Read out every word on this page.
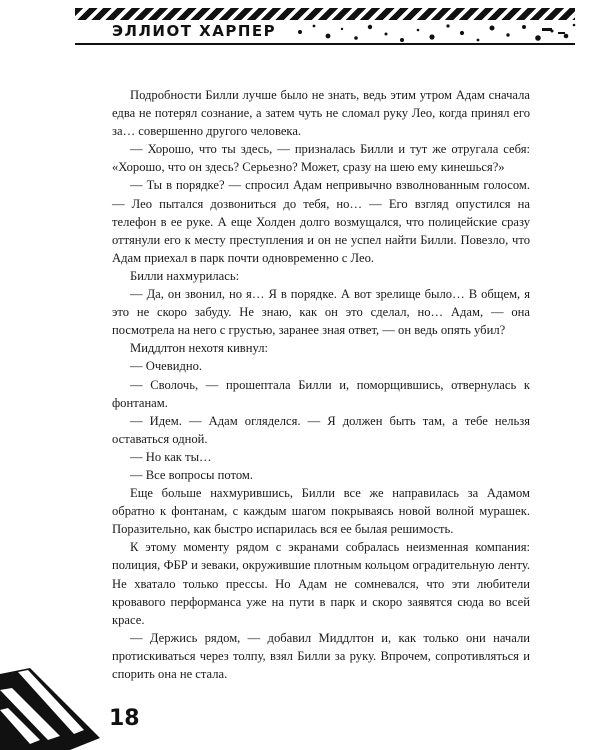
ЭЛЛИОТ ХАРПЕР

Подробности Билли лучше было не знать, ведь этим утром Адам сначала едва не потерял сознание, а затем чуть не сломал руку Лео, когда принял его за… совершенно другого человека.

— Хорошо, что ты здесь, — призналась Билли и тут же отругала себя: «Хорошо, что он здесь? Серьезно? Может, сразу на шею ему кинешься?»

— Ты в порядке? — спросил Адам непривычно взволнованным голосом. — Лео пытался дозвониться до тебя, но… — Его взгляд опустился на телефон в ее руке. А еще Холден долго возмущался, что полицейские сразу оттянули его к месту преступления и он не успел найти Билли. Повезло, что Адам приехал в парк почти одновременно с Лео.

Билли нахмурилась:

— Да, он звонил, но я… Я в порядке. А вот зрелище было… В общем, я это не скоро забуду. Не знаю, как он это сделал, но… Адам, — она посмотрела на него с грустью, заранее зная ответ, — он ведь опять убил?

Миддлтон нехотя кивнул:

— Очевидно.

— Сволочь, — прошептала Билли и, поморщившись, отвернулась к фонтанам.

— Идем. — Адам огляделся. — Я должен быть там, а тебе нельзя оставаться одной.

— Но как ты…

— Все вопросы потом.

Еще больше нахмурившись, Билли все же направилась за Адамом обратно к фонтанам, с каждым шагом покрываясь новой волной мурашек. Поразительно, как быстро испарилась вся ее былая решимость.

К этому моменту рядом с экранами собралась неизменная компания: полиция, ФБР и зеваки, окружившие плотным кольцом оградительную ленту. Не хватало только прессы. Но Адам не сомневался, что эти любители кровавого перформанса уже на пути в парк и скоро заявятся сюда во всей красе.

— Держись рядом, — добавил Миддлтон и, как только они начали протискиваться через толпу, взял Билли за руку. Впрочем, сопротивляться и спорить она не стала.

18
